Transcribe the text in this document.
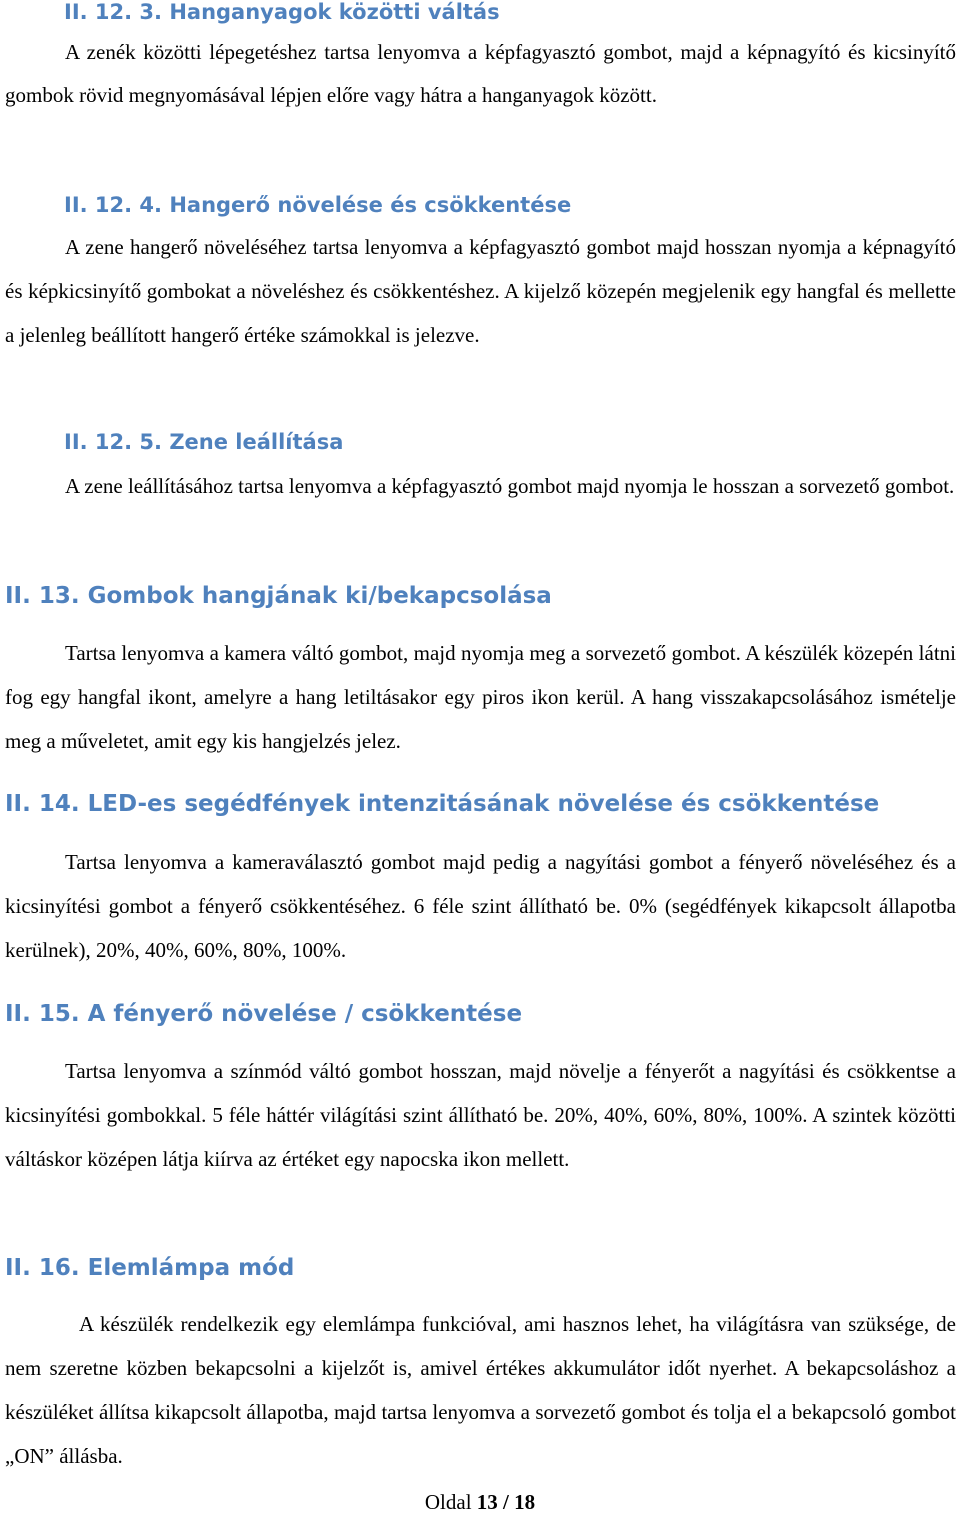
II. 12. 3. Hanganyagok közötti váltás

A zenék közötti lépegetéshez tartsa lenyomva a képfagyasztó gombot, majd a képnagyító és kicsinyítő gombok rövid megnyomásával lépjen előre vagy hátra a hanganyagok között.

II. 12. 4. Hangerő növelése és csökkentése

A zene hangerő növeléséhez tartsa lenyomva a képfagyasztó gombot majd hosszan nyomja a képnagyító és képkicsinyítő gombokat a növeléshez és csökkentéshez. A kijelző közepén megjelenik egy hangfal és mellette a jelenleg beállított hangerő értéke számokkal is jelezve.

II. 12. 5. Zene leállítása

A zene leállításához tartsa lenyomva a képfagyasztó gombot majd nyomja le hosszan a sorvezető gombot.

II. 13. Gombok hangjának ki/bekapcsolása

Tartsa lenyomva a kamera váltó gombot, majd nyomja meg a sorvezető gombot. A készülék közepén látni fog egy hangfal ikont, amelyre a hang letiltásakor egy piros ikon kerül. A hang visszakapcsolásához ismételje meg a műveletet, amit egy kis hangjelzés jelez.

II. 14. LED-es segédfények intenzitásának növelése és csökkentése

Tartsa lenyomva a kameraválasztó gombot majd pedig a nagyítási gombot a fényerő növeléséhez és a kicsinyítési gombot a fényerő csökkentéséhez. 6 féle szint állítható be. 0% (segédfények kikapcsolt állapotba kerülnek), 20%, 40%, 60%, 80%, 100%.

II. 15. A fényerő növelése / csökkentése

Tartsa lenyomva a színmód váltó gombot hosszan, majd növelje a fényerőt a nagyítási és csökkentse a kicsinyítési gombokkal. 5 féle háttér világítási szint állítható be. 20%, 40%, 60%, 80%, 100%. A szintek közötti váltáskor középen látja kiírva az értéket egy napocska ikon mellett.

II. 16. Elemlámpa mód

A készülék rendelkezik egy elemlámpa funkcióval, ami hasznos lehet, ha világításra van szüksége, de nem szeretne közben bekapcsolni a kijelzőt is, amivel értékes akkumulátor időt nyerhet. A bekapcsoláshoz a készüléket állítsa kikapcsolt állapotba, majd tartsa lenyomva a sorvezető gombot és tolja el a bekapcsoló gombot „ON” állásba.

Oldal 13 / 18
